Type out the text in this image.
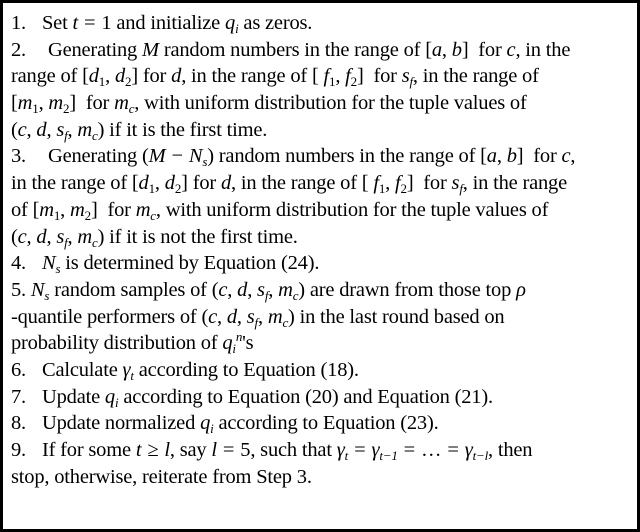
1. Set t = 1 and initialize $q_i$ as zeros.
2. Generating M random numbers in the range of [a, b]  for c, in the
range of [$d_1$, $d_2$] for d, in the range of [ $f_1$, $f_2$]  for $s_f$, in the range of
[$m_1$, $m_2$]  for $m_c$, with uniform distribution for the tuple values of
(c, d, $s_f$, $m_c$) if it is the first time.
3. Generating $(M - N_s)$ random numbers in the range of [a, b]  for c,
in the range of [$d_1$, $d_2$] for d, in the range of [ $f_1$, $f_2$]  for $s_f$, in the range
of [$m_1$, $m_2$]  for $m_c$, with uniform distribution for the tuple values of
(c, d, $s_f$, $m_c$) if it is not the first time.
4. $N_s$ is determined by Equation (24).
5. $N_s$ random samples of (c, d, $s_f$, $m_c$) are drawn from those top ρ
-quantile performers of (c, d, $s_f$, $m_c$) in the last round based on
probability distribution of $q_i^n's$
6. Calculate $\gamma_t$ according to Equation (18).
7. Update $q_i$ according to Equation (20) and Equation (21).
8. Update normalized $q_i$ according to Equation (23).
9. If for some t ≥ l, say l = 5, such that $\gamma_t = \gamma_{t-1}$ = … = $\gamma_{t-l}$, then
stop, otherwise, reiterate from Step 3.
